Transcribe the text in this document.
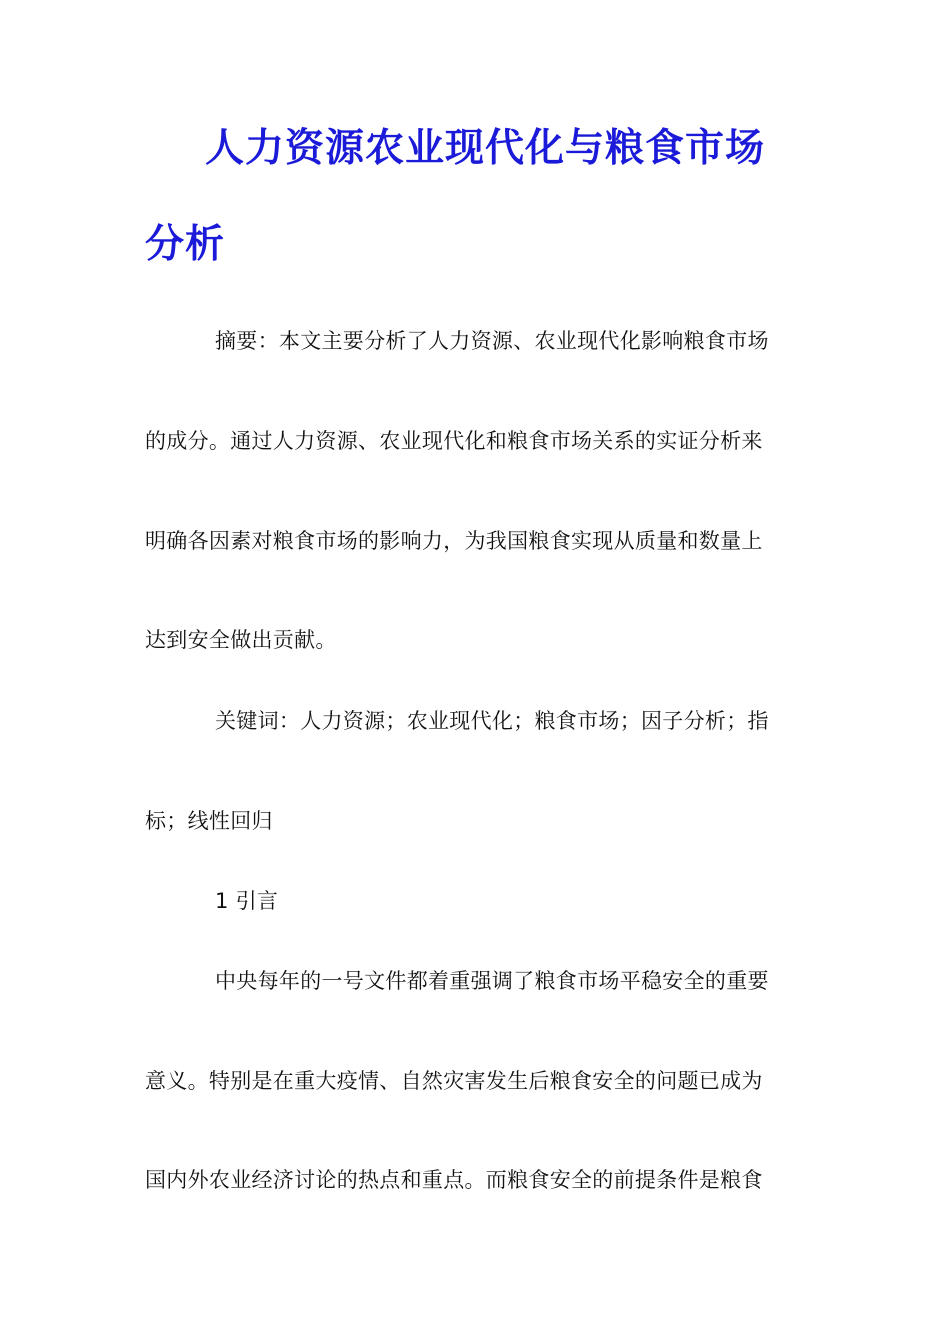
人力资源农业现代化与粮食市场
分析
摘要：本文主要分析了人力资源、农业现代化影响粮食市场
的成分。通过人力资源、农业现代化和粮食市场关系的实证分析来
明确各因素对粮食市场的影响力，为我国粮食实现从质量和数量上
达到安全做出贡献。
关键词：人力资源；农业现代化；粮食市场；因子分析；指
标；线性回归
1 引言
中央每年的一号文件都着重强调了粮食市场平稳安全的重要
意义。特别是在重大疫情、自然灾害发生后粮食安全的问题已成为
国内外农业经济讨论的热点和重点。而粮食安全的前提条件是粮食
